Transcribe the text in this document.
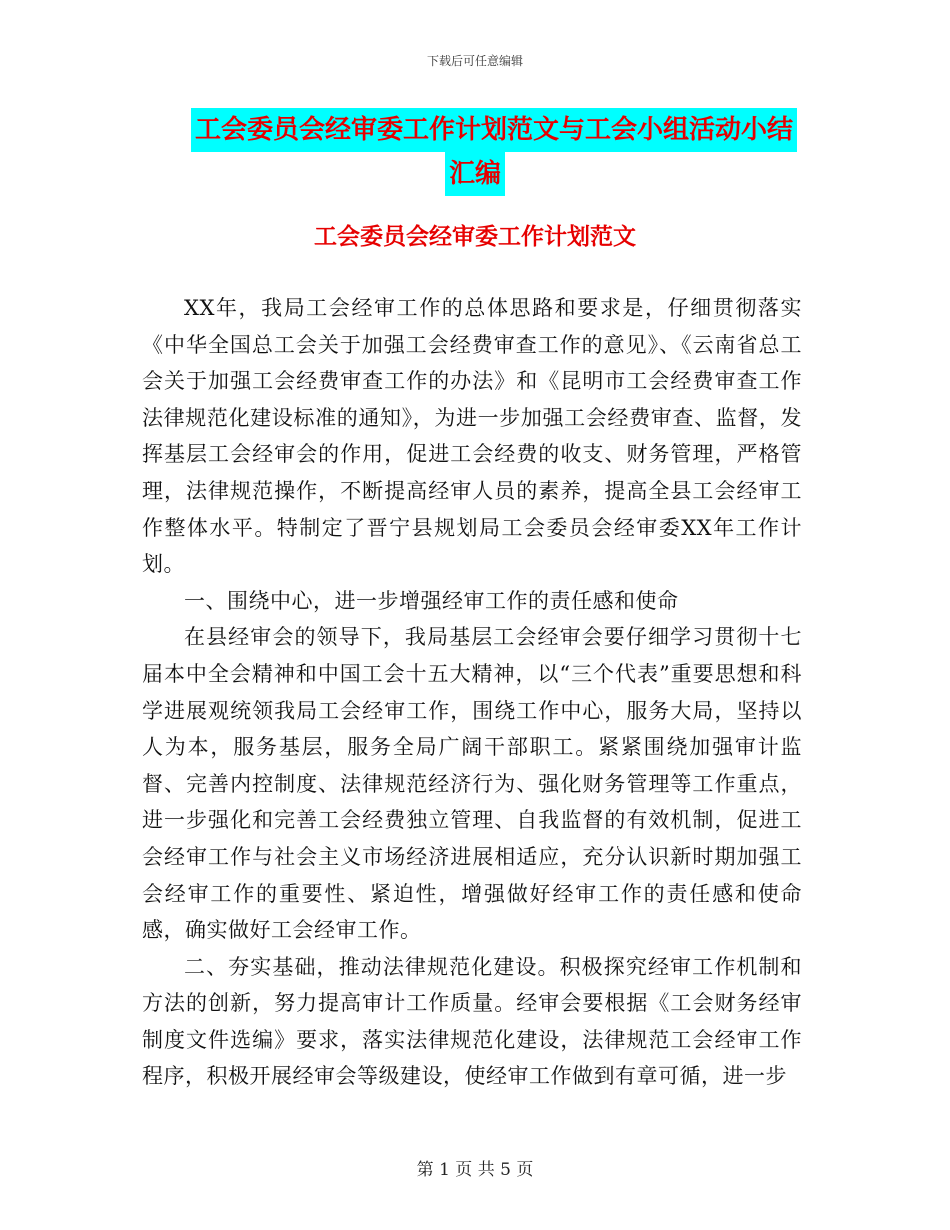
下载后可任意编辑
工会委员会经审委工作计划范文与工会小组活动小结
汇编
工会委员会经审委工作计划范文

XX年，我局工会经审工作的总体思路和要求是，仔细贯彻落实《中华全国总工会关于加强工会经费审查工作的意见》、《云南省总工会关于加强工会经费审查工作的办法》和《昆明市工会经费审查工作法律规范化建设标准的通知》，为进一步加强工会经费审查、监督，发挥基层工会经审会的作用，促进工会经费的收支、财务管理，严格管理，法律规范操作，不断提高经审人员的素养，提高全县工会经审工作整体水平。特制定了晋宁县规划局工会委员会经审委XX年工作计划。

一、围绕中心，进一步增强经审工作的责任感和使命

在县经审会的领导下，我局基层工会经审会要仔细学习贯彻十七届本中全会精神和中国工会十五大精神，以“三个代表”重要思想和科学进展观统领我局工会经审工作，围绕工作中心，服务大局，坚持以人为本，服务基层，服务全局广阔干部职工。紧紧围绕加强审计监督、完善内控制度、法律规范经济行为、强化财务管理等工作重点，进一步强化和完善工会经费独立管理、自我监督的有效机制，促进工会经审工作与社会主义市场经济进展相适应，充分认识新时期加强工会经审工作的重要性、紧迫性，增强做好经审工作的责任感和使命感，确实做好工会经审工作。

二、夯实基础，推动法律规范化建设。积极探究经审工作机制和方法的创新，努力提高审计工作质量。经审会要根据《工会财务经审制度文件选编》要求，落实法律规范化建设，法律规范工会经审工作程序，积极开展经审会等级建设，使经审工作做到有章可循，进一步

第 1 页 共 5 页
